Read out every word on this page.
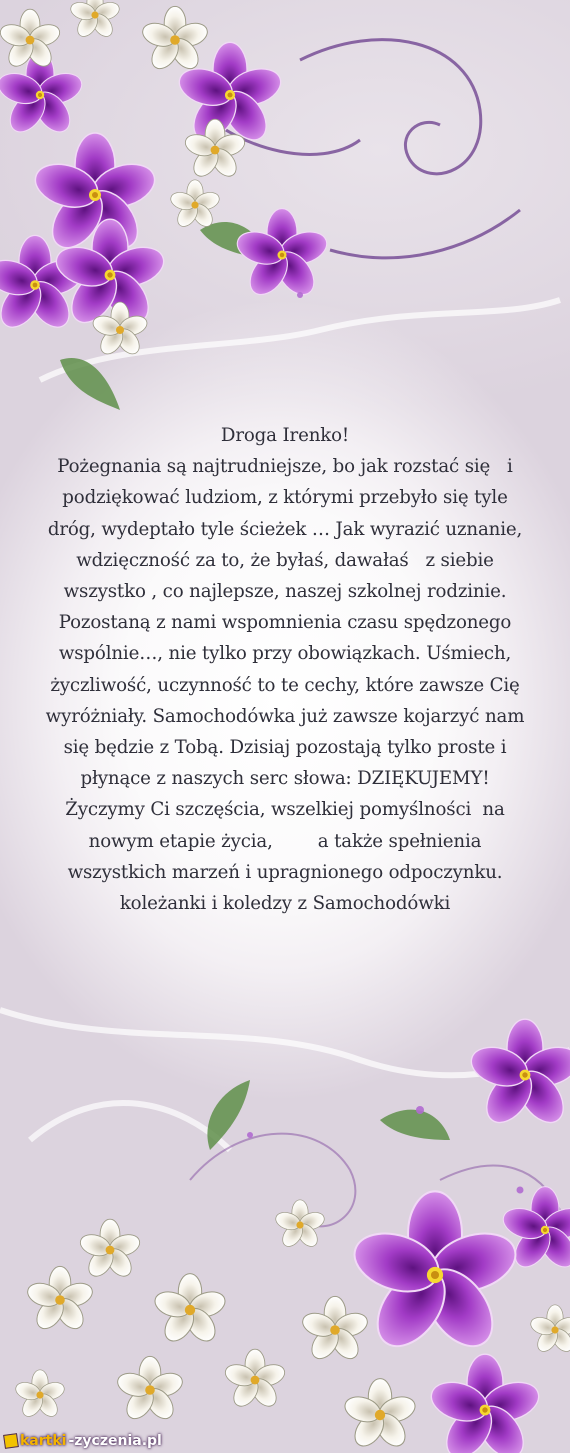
Droga Irenko!

Pożegnania są najtrudniejsze, bo jak rozstać się   i

podziękować ludziom, z którymi przebyło się tyle

dróg, wydeptało tyle ścieżek … Jak wyrazić uznanie,

wdzięczność za to, że byłaś, dawałaś   z siebie

wszystko , co najlepsze, naszej szkolnej rodzinie.

Pozostaną z nami wspomnienia czasu spędzonego

wspólnie…, nie tylko przy obowiązkach. Uśmiech,

życzliwość, uczynność to te cechy, które zawsze Cię

wyróżniały. Samochodówka już zawsze kojarzyć nam

się będzie z Tobą. Dzisiaj pozostają tylko proste i

płynące z naszych serc słowa: DZIĘKUJEMY!

Życzymy Ci szczęścia, wszelkiej pomyślności  na

nowym etapie życia,        a także spełnienia

wszystkich marzeń i upragnionego odpoczynku.

koleżanki i koledzy z Samochodówki

kartki -zyczenia.pl
